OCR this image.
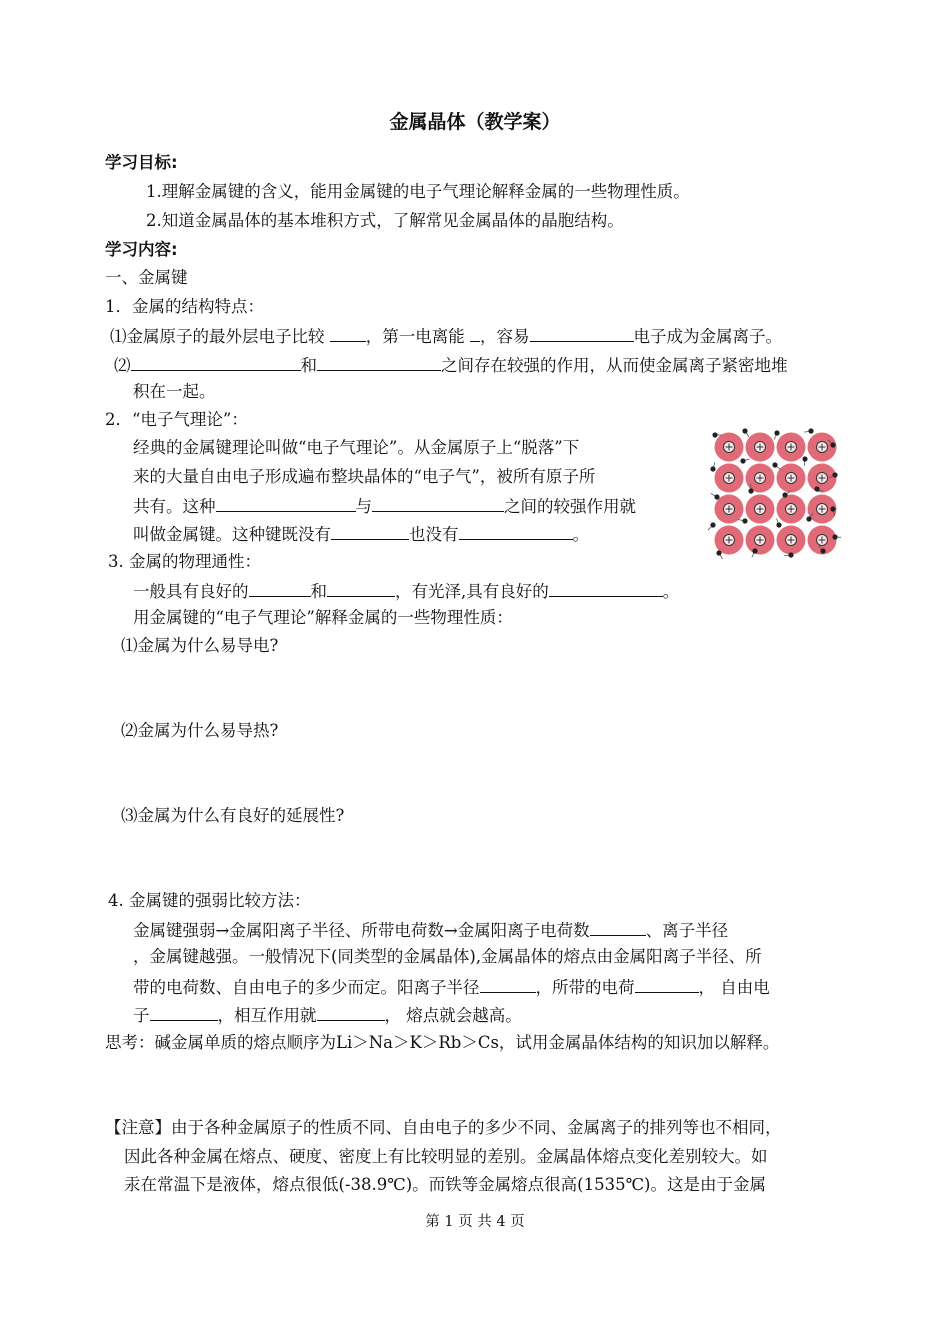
金属晶体（教学案）
学习目标:
1.理解金属键的含义，能用金属键的电子气理论解释金属的一些物理性质。
2.知道金属晶体的基本堆积方式，了解常见金属晶体的晶胞结构。
学习内容:
一、金属键
1．金属的结构特点：
⑴金属原子的最外层电子比较	，第一电离能 ，容易	电子成为金属离子。
⑵	和	之间存在较强的作用，从而使金属离子紧密地堆
积在一起。
2．“电子气理论”：
经典的金属键理论叫做“电子气理论”。从金属原子上“脱落”下
来的大量自由电子形成遍布整块晶体的“电子气”，被所有原子所
共有。这种	与	之间的较强作用就
叫做金属键。这种键既没有	也没有	。
3. 金属的物理通性：
一般具有良好的	和	，有光泽,具有良好的	。
用金属键的“电子气理论”解释金属的一些物理性质：
⑴金属为什么易导电?
⑵金属为什么易导热?
⑶金属为什么有良好的延展性?
4. 金属键的强弱比较方法：
金属键强弱→金属阳离子半径、所带电荷数→金属阳离子电荷数	、离子半径
，金属键越强。一般情况下(同类型的金属晶体),金属晶体的熔点由金属阳离子半径、所
带的电荷数、自由电子的多少而定。阳离子半径	，所带的电荷	， 自由电
子	，相互作用就	， 熔点就会越高。
思考：碱金属单质的熔点顺序为Li＞Na＞K＞Rb＞Cs，试用金属晶体结构的知识加以解释。
【注意】由于各种金属原子的性质不同、自由电子的多少不同、金属离子的排列等也不相同，
因此各种金属在熔点、硬度、密度上有比较明显的差别。金属晶体熔点变化差别较大。如
汞在常温下是液体，熔点很低(-38.9℃)。而铁等金属熔点很高(1535℃)。这是由于金属
第 1 页 共 4 页
